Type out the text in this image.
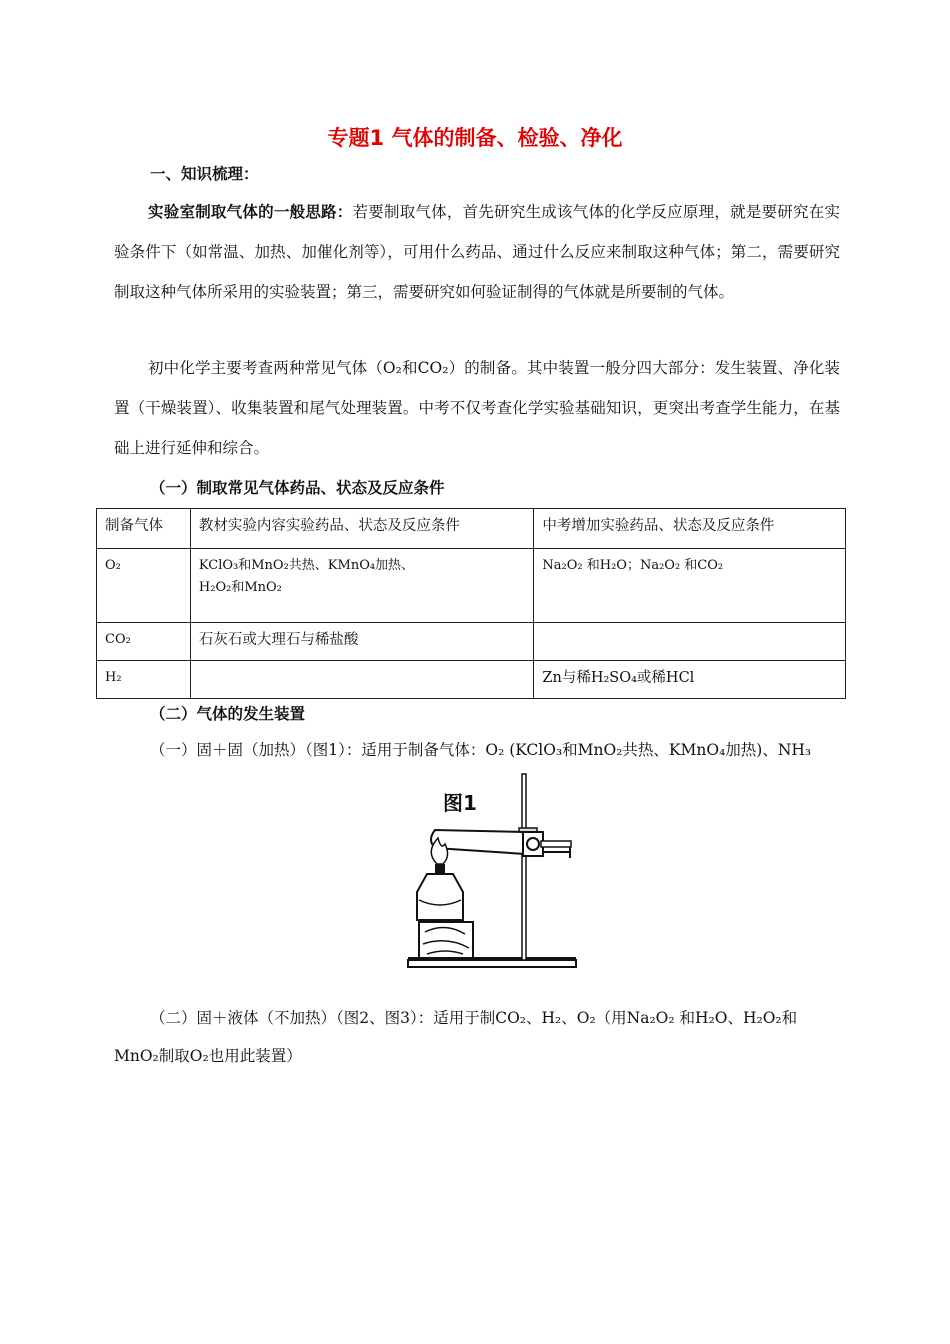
专题1 气体的制备、检验、净化
一、知识梳理：
实验室制取气体的一般思路：若要制取气体，首先研究生成该气体的化学反应原理，就是要研究在实验条件下（如常温、加热、加催化剂等），可用什么药品、通过什么反应来制取这种气体；第二，需要研究制取这种气体所采用的实验装置；第三，需要研究如何验证制得的气体就是所要制的气体。
初中化学主要考查两种常见气体（O₂和CO₂）的制备。其中装置一般分四大部分：发生装置、净化装置（干燥装置）、收集装置和尾气处理装置。中考不仅考查化学实验基础知识，更突出考查学生能力，在基础上进行延伸和综合。
（一）制取常见气体药品、状态及反应条件
制备气体	教材实验内容实验药品、状态及反应条件	中考增加实验药品、状态及反应条件
O₂	KClO₃和MnO₂共热、KMnO₄加热、
H₂O₂和MnO₂	Na₂O₂ 和H₂O；Na₂O₂ 和CO₂
CO₂	石灰石或大理石与稀盐酸	
H₂		Zn与稀H₂SO₄或稀HCl
（二）气体的发生装置
（一）固＋固（加热）（图1）：适用于制备气体：O₂ (KClO₃和MnO₂共热、KMnO₄加热)、NH₃
图1
（二）固＋液体（不加热）（图2、图3）：适用于制CO₂、H₂、O₂（用Na₂O₂ 和H₂O、H₂O₂和
MnO₂制取O₂也用此装置）
